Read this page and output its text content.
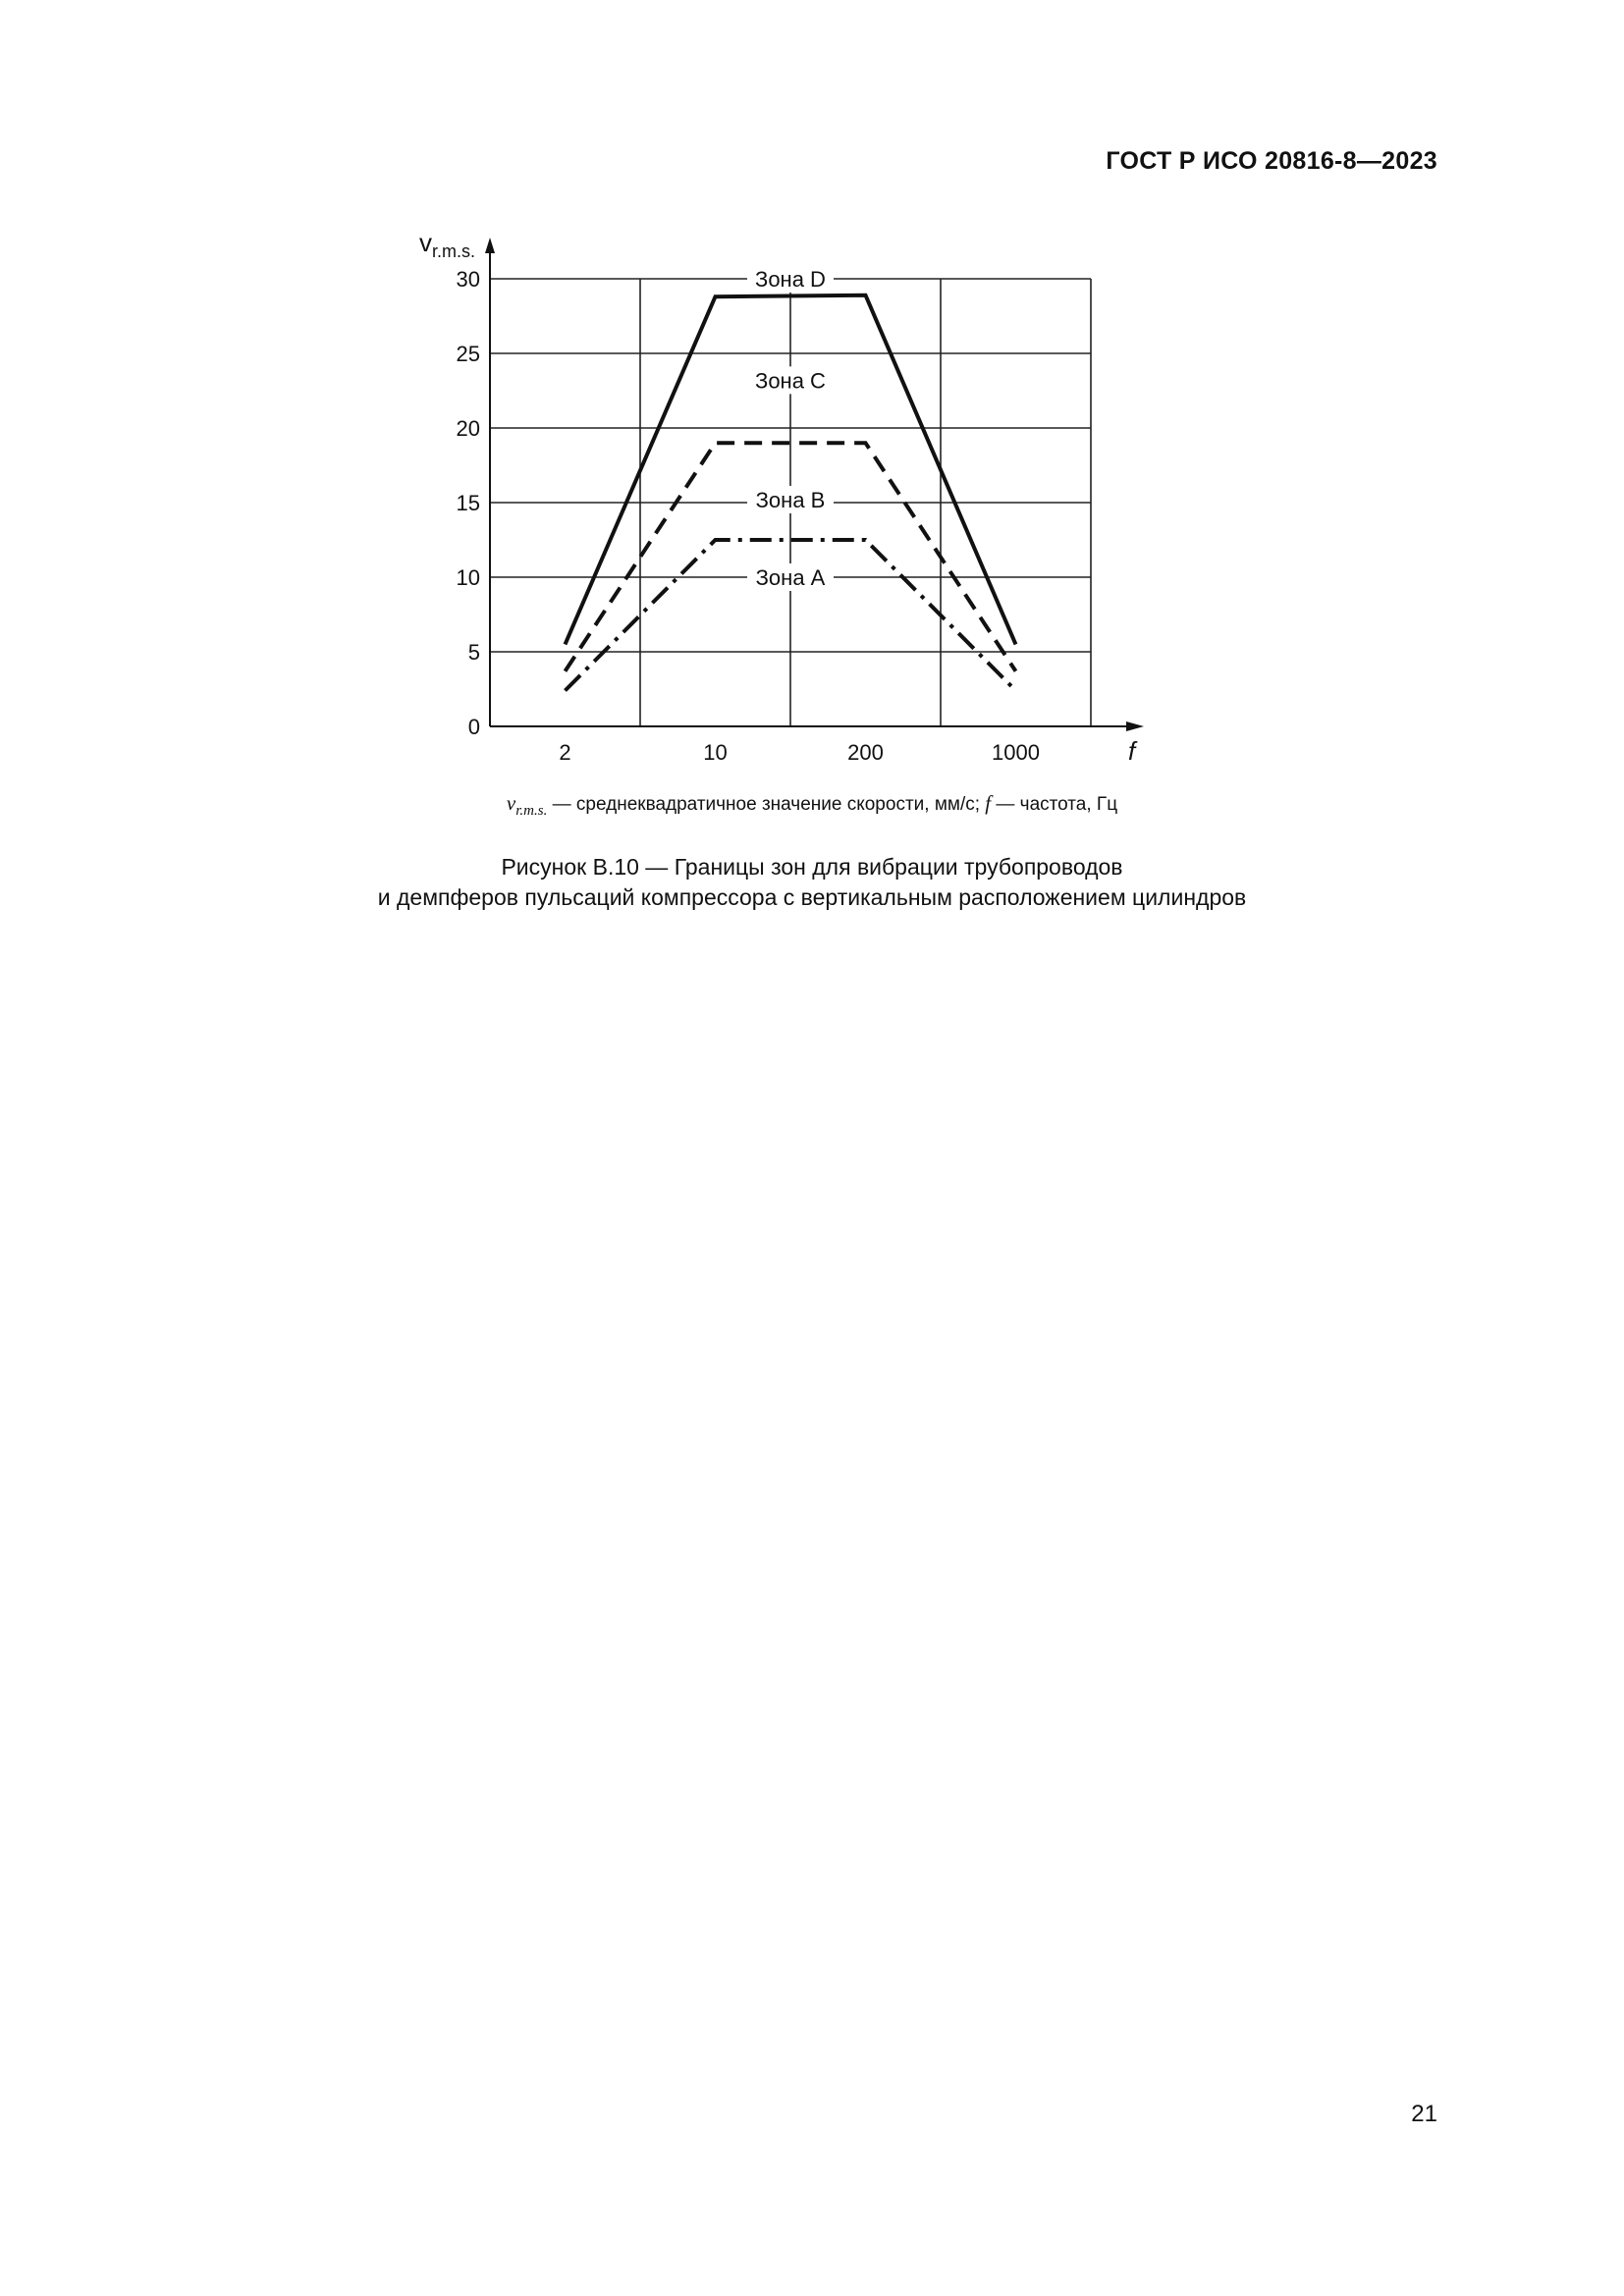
ГОСТ Р ИСО 20816-8—2023
0
5
10
15
20
25
30
2	10	200	1000
$v_{r.m.s.}$
f
Зона D
Зона C
Зона B
Зона A
$v_{r.m.s.}$ — среднеквадратичное значение скорости, мм/с; f — частота, Гц
Рисунок В.10 — Границы зон для вибрации трубопроводов
и демпферов пульсаций компрессора с вертикальным расположением цилиндров
21
